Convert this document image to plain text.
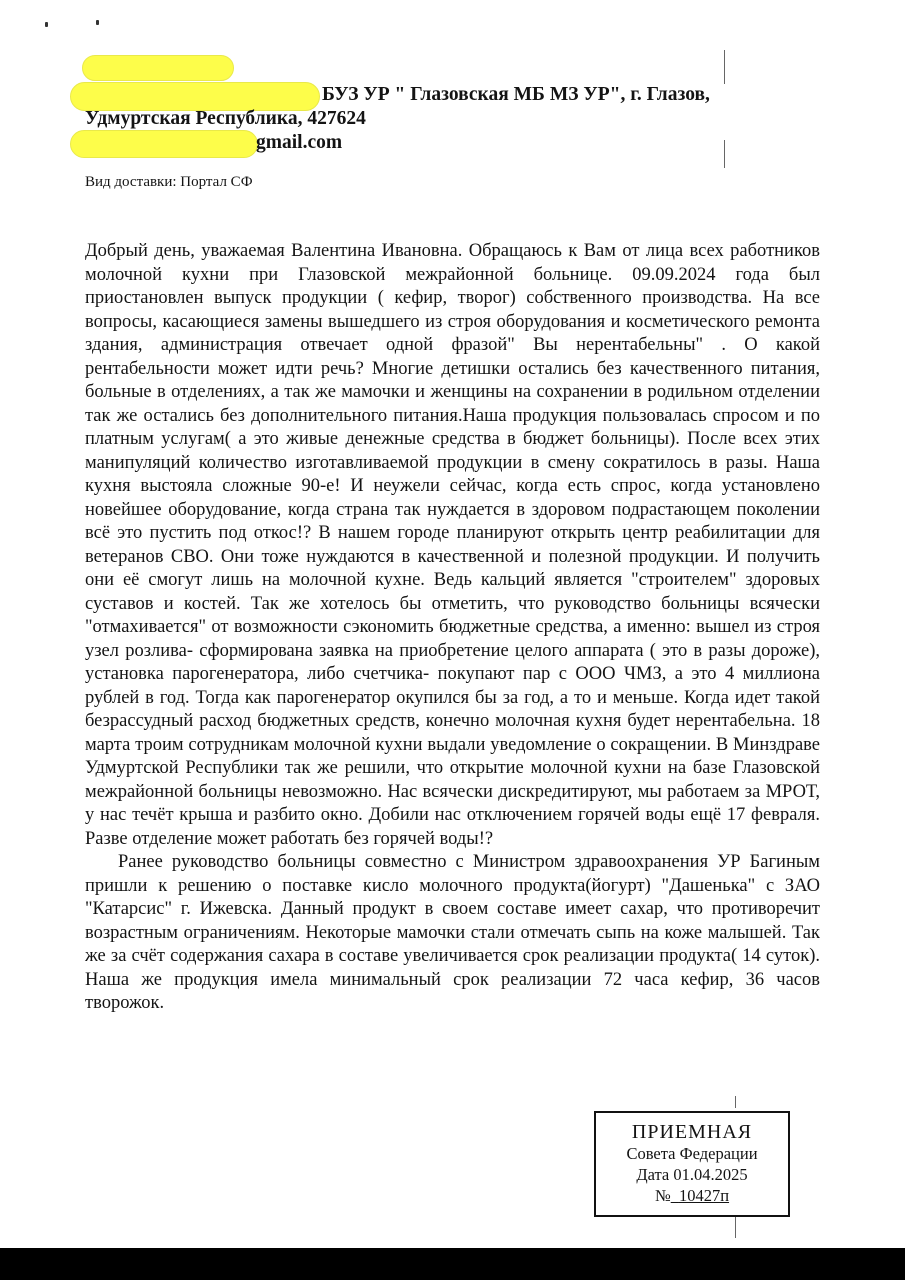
БУЗ УР " Глазовская МБ МЗ УР", г. Глазов,
Удмуртская Республика, 427624
gmail.com
Вид доставки: Портал СФ

Добрый день, уважаемая Валентина Ивановна. Обращаюсь к Вам от лица всех работников молочной кухни при Глазовской межрайонной больнице. 09.09.2024 года был приостановлен выпуск продукции ( кефир, творог) собственного производства. На все вопросы, касающиеся замены вышедшего из строя оборудования и косметического ремонта здания, администрация отвечает одной фразой" Вы нерентабельны" . О какой рентабельности может идти речь? Многие детишки остались без качественного питания, больные в отделениях, а так же мамочки и женщины на сохранении в родильном отделении так же остались без дополнительного питания.Наша продукция пользовалась спросом и по платным услугам( а это живые денежные средства в бюджет больницы). После всех этих манипуляций количество изготавливаемой продукции в смену сократилось в разы. Наша кухня выстояла сложные 90-е! И неужели сейчас, когда есть спрос, когда установлено новейшее оборудование, когда страна так нуждается в здоровом подрастающем поколении всё это пустить под откос!? В нашем городе планируют открыть центр реабилитации для ветеранов СВО. Они тоже нуждаются в качественной и полезной продукции. И получить они её смогут лишь на молочной кухне. Ведь кальций является "строителем" здоровых суставов и костей. Так же хотелось бы отметить, что руководство больницы всячески "отмахивается" от возможности сэкономить бюджетные средства, а именно: вышел из строя узел розлива- сформирована заявка на приобретение целого аппарата ( это в разы дороже), установка парогенератора, либо счетчика- покупают пар с ООО ЧМЗ, а это 4 миллиона рублей в год. Тогда как парогенератор окупился бы за год, а то и меньше. Когда идет такой безрассудный расход бюджетных средств, конечно молочная кухня будет нерентабельна. 18 марта троим сотрудникам молочной кухни выдали уведомление о сокращении. В Минздраве Удмуртской Республики так же решили, что открытие молочной кухни на базе Глазовской межрайонной больницы невозможно. Нас всячески дискредитируют, мы работаем за МРОТ, у нас течёт крыша и разбито окно. Добили нас отключением горячей воды ещё 17 февраля. Разве отделение может работать без горячей воды!?

Ранее руководство больницы совместно с Министром здравоохранения УР Багиным пришли к решению о поставке кисло молочного продукта(йогурт) "Дашенька" с ЗАО "Катарсис" г. Ижевска. Данный продукт в своем составе имеет сахар, что противоречит возрастным ограничениям. Некоторые мамочки стали отмечать сыпь на коже малышей. Так же за счёт содержания сахара в составе увеличивается срок реализации продукта( 14 суток). Наша же продукция имела минимальный срок реализации 72 часа кефир, 36 часов творожок.

ПРИЕМНАЯ
Совета Федерации
Дата 01.04.2025
№ 10427п
